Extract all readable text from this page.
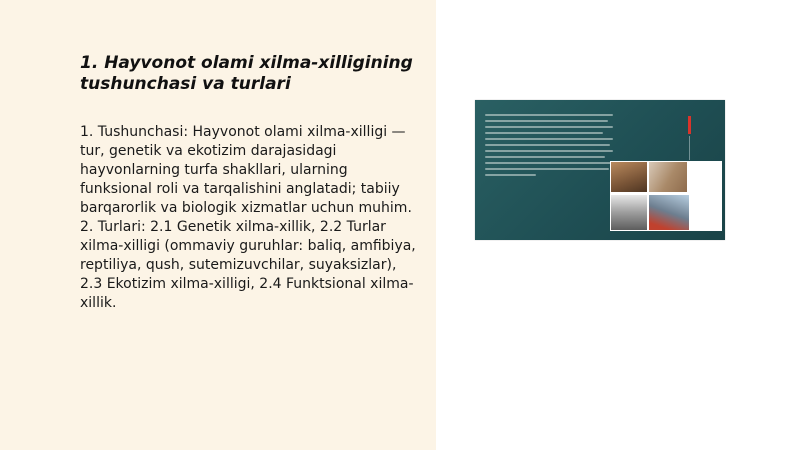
1. Hayvonot olami xilma-xilligining tushunchasi va turlari

1. Tushunchasi: Hayvonot olami xilma-xilligi — tur, genetik va ekotizim darajasidagi hayvonlarning turfa shakllari, ularning funksional roli va tarqalishini anglatadi; tabiiy barqarorlik va biologik xizmatlar uchun muhim. 2. Turlari: 2.1 Genetik xilma-xillik, 2.2 Turlar xilma-xilligi (ommaviy guruhlar: baliq, amfibiya, reptiliya, qush, sutemizuvchilar, suyaksizlar), 2.3 Ekotizim xilma-xilligi, 2.4 Funktsional xilma-xillik.
